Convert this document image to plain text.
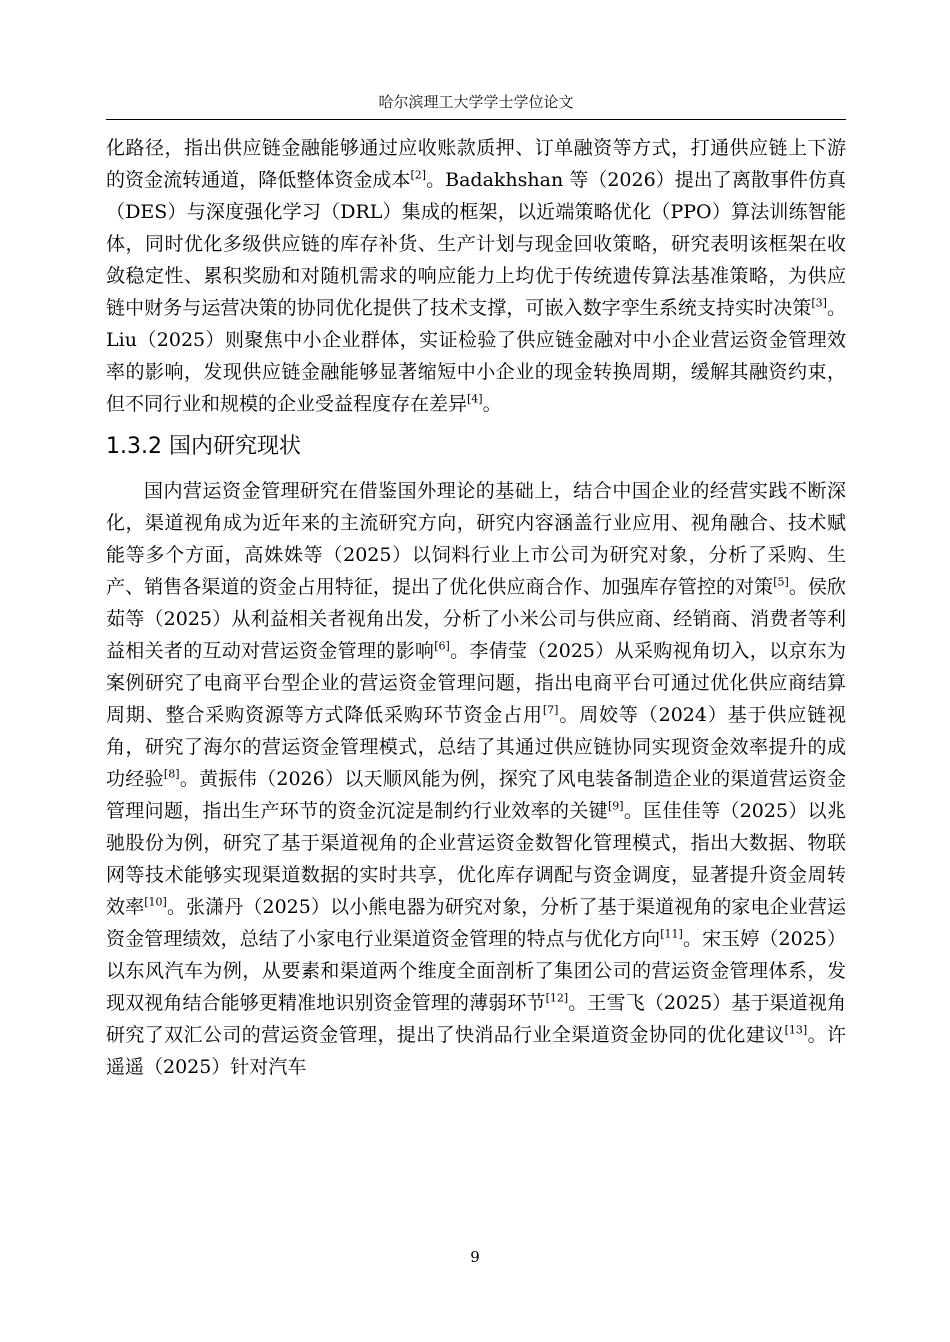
哈尔滨理工大学学士学位论文

化路径，指出供应链金融能够通过应收账款质押、订单融资等方式，打通供应链上下游的资金流转通道，降低整体资金成本[2]。Badakhshan 等（2026）提出了离散事件仿真（DES）与深度强化学习（DRL）集成的框架，以近端策略优化（PPO）算法训练智能体，同时优化多级供应链的库存补货、生产计划与现金回收策略，研究表明该框架在收敛稳定性、累积奖励和对随机需求的响应能力上均优于传统遗传算法基准策略，为供应链中财务与运营决策的协同优化提供了技术支撑，可嵌入数字孪生系统支持实时决策[3]。Liu（2025）则聚焦中小企业群体，实证检验了供应链金融对中小企业营运资金管理效率的影响，发现供应链金融能够显著缩短中小企业的现金转换周期，缓解其融资约束，但不同行业和规模的企业受益程度存在差异[4]。

1.3.2 国内研究现状

国内营运资金管理研究在借鉴国外理论的基础上，结合中国企业的经营实践不断深化，渠道视角成为近年来的主流研究方向，研究内容涵盖行业应用、视角融合、技术赋能等多个方面，高姝姝等（2025）以饲料行业上市公司为研究对象，分析了采购、生产、销售各渠道的资金占用特征，提出了优化供应商合作、加强库存管控的对策[5]。侯欣茹等（2025）从利益相关者视角出发，分析了小米公司与供应商、经销商、消费者等利益相关者的互动对营运资金管理的影响[6]。李倩莹（2025）从采购视角切入，以京东为案例研究了电商平台型企业的营运资金管理问题，指出电商平台可通过优化供应商结算周期、整合采购资源等方式降低采购环节资金占用[7]。周姣等（2024）基于供应链视角，研究了海尔的营运资金管理模式，总结了其通过供应链协同实现资金效率提升的成功经验[8]。黄振伟（2026）以天顺风能为例，探究了风电装备制造企业的渠道营运资金管理问题，指出生产环节的资金沉淀是制约行业效率的关键[9]。匡佳佳等（2025）以兆驰股份为例，研究了基于渠道视角的企业营运资金数智化管理模式，指出大数据、物联网等技术能够实现渠道数据的实时共享，优化库存调配与资金调度，显著提升资金周转效率[10]。张潇丹（2025）以小熊电器为研究对象，分析了基于渠道视角的家电企业营运资金管理绩效，总结了小家电行业渠道资金管理的特点与优化方向[11]。宋玉婷（2025）以东风汽车为例，从要素和渠道两个维度全面剖析了集团公司的营运资金管理体系，发现双视角结合能够更精准地识别资金管理的薄弱环节[12]。王雪飞（2025）基于渠道视角研究了双汇公司的营运资金管理，提出了快消品行业全渠道资金协同的优化建议[13]。许遥遥（2025）针对汽车

9
